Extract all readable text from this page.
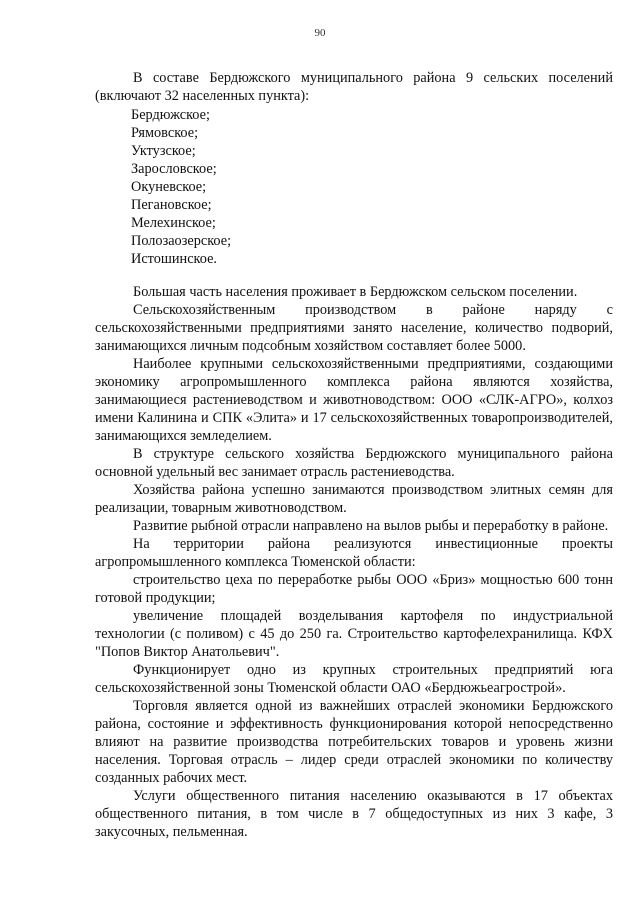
90

В составе Бердюжского муниципального района 9 сельских поселений (включают 32 населенных пункта):

Бердюжское;
Рямовское;
Уктузское;
Зарословское;
Окуневское;
Пегановское;
Мелехинское;
Полозаозерское;
Истошинское.

Большая часть населения проживает в Бердюжском сельском поселении.

Сельскохозяйственным производством в районе наряду с сельскохозяйственными предприятиями занято население, количество подворий, занимающихся личным подсобным хозяйством составляет более 5000.

Наиболее крупными сельскохозяйственными предприятиями, создающими экономику агропромышленного комплекса района являются хозяйства, занимающиеся растениеводством и животноводством: ООО «СЛК-АГРО», колхоз имени Калинина и СПК «Элита» и 17 сельскохозяйственных товаропроизводителей, занимающихся земледелием.

В структуре сельского хозяйства Бердюжского муниципального района основной удельный вес занимает отрасль растениеводства.

Хозяйства района успешно занимаются производством элитных семян для реализации, товарным животноводством.

Развитие рыбной отрасли направлено на вылов рыбы и переработку в районе.

На территории района реализуются инвестиционные проекты агропромышленного комплекса Тюменской области:

строительство цеха по переработке рыбы ООО «Бриз» мощностью 600 тонн готовой продукции;

увеличение площадей возделывания картофеля по индустриальной технологии (с поливом) с 45 до 250 га. Строительство картофелехранилища. КФХ "Попов Виктор Анатольевич".

Функционирует одно из крупных строительных предприятий юга сельскохозяйственной зоны Тюменской области ОАО «Бердюжьеагрострой».

Торговля является одной из важнейших отраслей экономики Бердюжского района, состояние и эффективность функционирования которой непосредственно влияют на развитие производства потребительских товаров и уровень жизни населения. Торговая отрасль – лидер среди отраслей экономики по количеству созданных рабочих мест.

Услуги общественного питания населению оказываются в 17 объектах общественного питания, в том числе в 7 общедоступных из них 3 кафе, 3 закусочных, пельменная.
